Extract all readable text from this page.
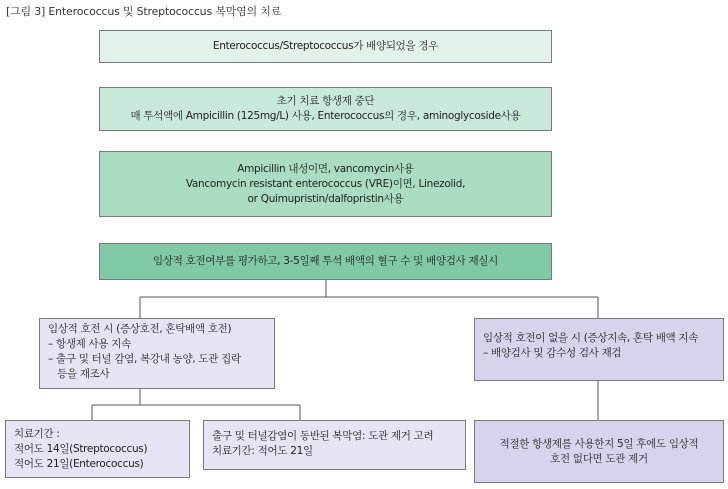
[그림 3] Enterococcus 및 Streptococcus 복막염의 치료
Enterococcus/Streptococcus가 배양되었을 경우
초기 치료 항생제 중단
매 투석액에 Ampicillin (125mg/L) 사용, Enterococcus의 경우, aminoglycoside사용
Ampicillin 내성이면, vancomycin사용
Vancomycin resistant enterococcus (VRE)이면, Linezolid,
or Quimupristin/dalfopristin사용
임상적 호전여부를 평가하고, 3-5일째 투석 배액의 혈구 수 및 배양검사 재실시
임상적 호전 시 (증상호전, 혼탁배액 호전)
– 항생제 사용 지속
– 출구 및 터널 감염, 복강내 농양, 도관 집락
등을 재조사
치료기간 :
적어도 14일(Streptococcus)
적어도 21일(Enterococcus)
출구 및 터널감염이 동반된 복막염: 도관 제거 고려
치료기간: 적어도 21일
임상적 호전이 없을 시 (증상지속, 혼탁 배액 지속
– 배양검사 및 감수성 검사 재검
적절한 항생제를 사용한지 5일 후에도 임상적
호전 없다면 도관 제거
